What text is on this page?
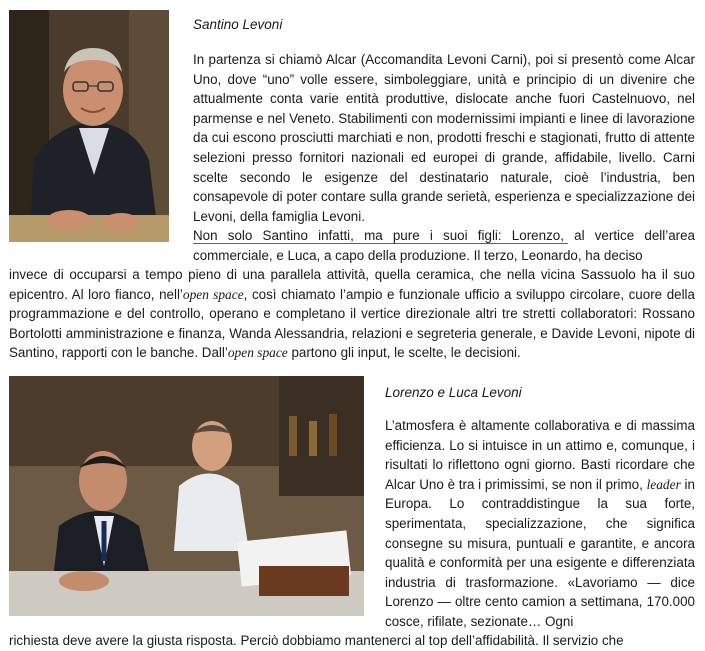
Santino Levoni

In partenza si chiamò Alcar (Accomandita Levoni Carni), poi si presentò come Alcar Uno, dove “uno” volle essere, simboleggiare, unità e principio di un divenire che attualmente conta varie entità produttive, dislocate anche fuori Castelnuovo, nel parmense e nel Veneto. Stabilimenti con modernissimi impianti e linee di lavorazione da cui escono prosciutti marchiati e non, prodotti freschi e stagionati, frutto di attente selezioni presso fornitori nazionali ed europei di grande, affidabile, livello. Carni scelte secondo le esigenze del destinatario naturale, cioè l’industria, ben consapevole di poter contare sulla grande serietà, esperienza e specializzazione dei Levoni, della famiglia Levoni.

Non solo Santino infatti, ma pure i suoi figli: Lorenzo, al vertice dell’area commerciale, e Luca, a capo della produzione. Il terzo, Leonardo, ha deciso

invece di occuparsi a tempo pieno di una parallela attività, quella ceramica, che nella vicina Sassuolo ha il suo epicentro. Al loro fianco, nell’open space, così chiamato l’ampio e funzionale ufficio a sviluppo circolare, cuore della programmazione e del controllo, operano e completano il vertice direzionale altri tre stretti collaboratori: Rossano Bortolotti amministrazione e finanza, Wanda Alessandria, relazioni e segreteria generale, e Davide Levoni, nipote di Santino, rapporti con le banche. Dall’open space partono gli input, le scelte, le decisioni.

Lorenzo e Luca Levoni

L’atmosfera è altamente collaborativa e di massima efficienza. Lo si intuisce in un attimo e, comunque, i risultati lo riflettono ogni giorno. Basti ricordare che Alcar Uno è tra i primissimi, se non il primo, leader in Europa. Lo contraddistingue la sua forte, sperimentata, specializzazione, che significa consegne su misura, puntuali e garantite, e ancora qualità e conformità per una esigente e differenziata industria di trasformazione. «Lavoriamo — dice Lorenzo — oltre cento camion a settimana, 170.000 cosce, rifilate, sezionate… Ogni

richiesta deve avere la giusta risposta. Perciò dobbiamo mantenerci al top dell’affidabilità. Il servizio che
